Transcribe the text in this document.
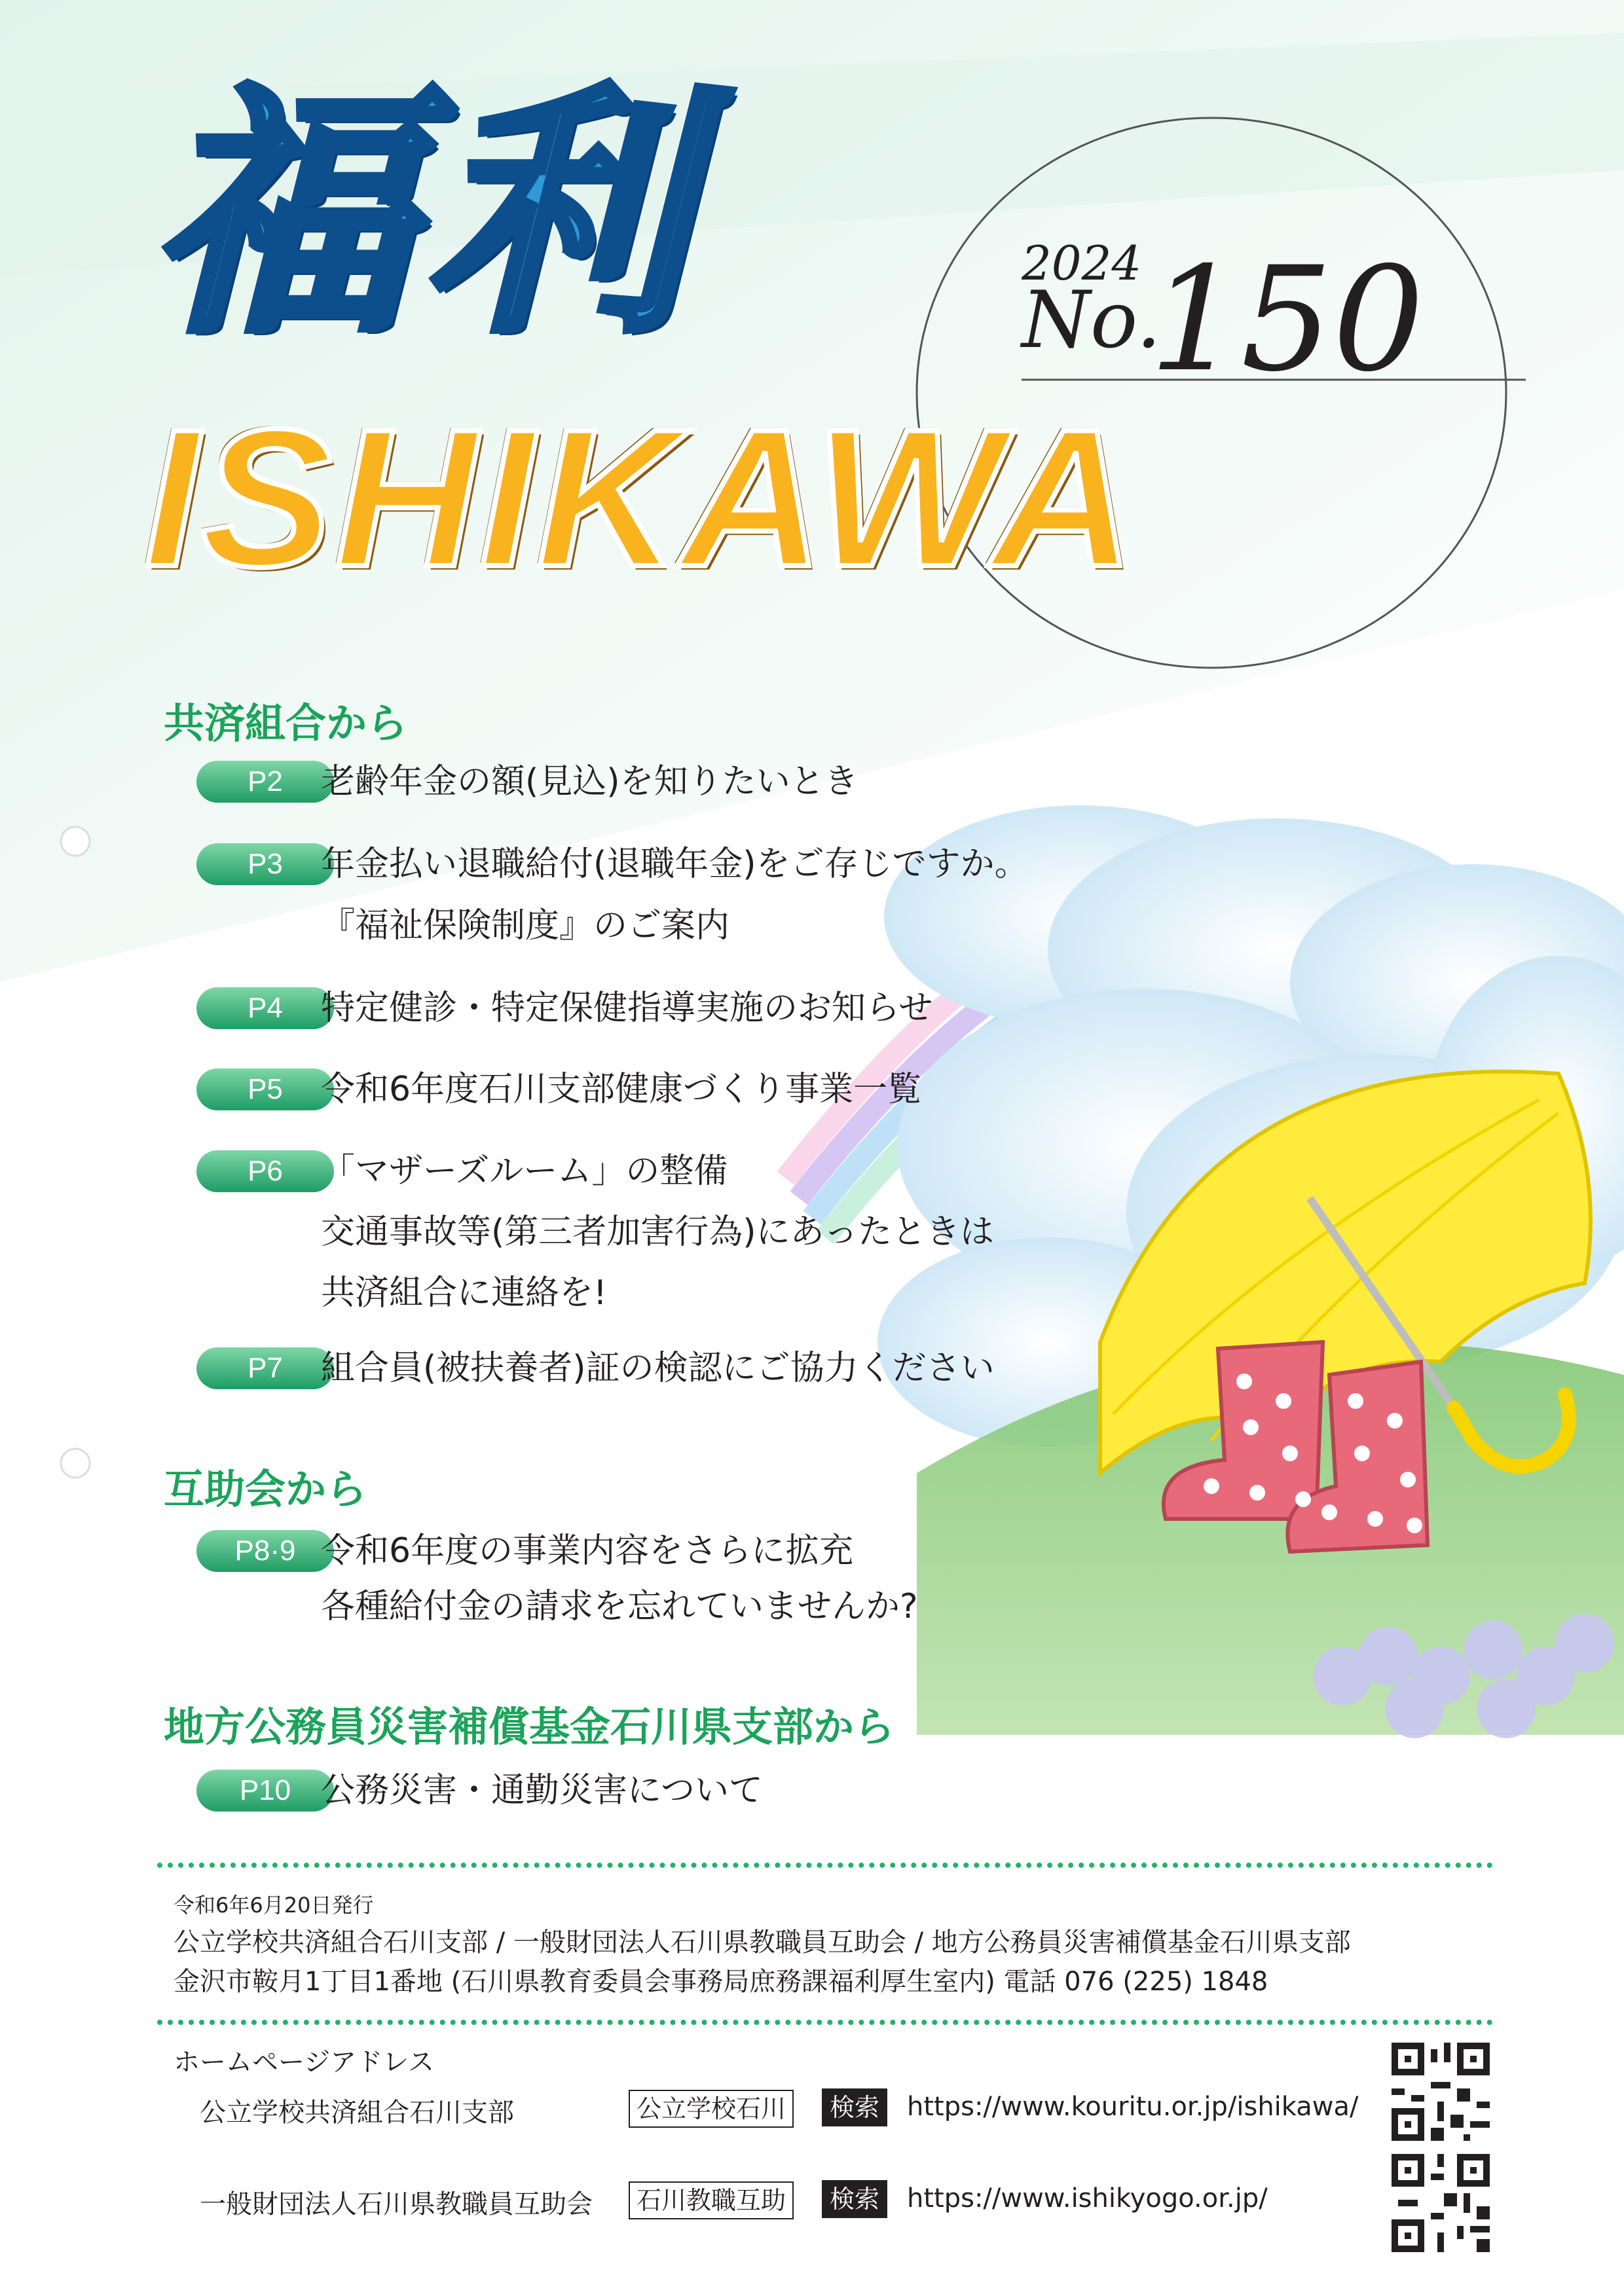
福利
ISHIKAWA
2024
No.
150
共済組合から
P2	老齢年金の額(見込)を知りたいとき
P3	年金払い退職給付(退職年金)をご存じですか。
『福祉保険制度』のご案内
P4	特定健診・特定保健指導実施のお知らせ
P5	令和6年度石川支部健康づくり事業一覧
P6	「マザーズルーム」の整備
交通事故等(第三者加害行為)にあったときは
共済組合に連絡を!
P7	組合員(被扶養者)証の検認にご協力ください
互助会から
P8·9 令和6年度の事業内容をさらに拡充
各種給付金の請求を忘れていませんか?
地方公務員災害補償基金石川県支部から
P10 公務災害・通勤災害について
令和6年6月20日発行
公立学校共済組合石川支部 / 一般財団法人石川県教職員互助会 / 地方公務員災害補償基金石川県支部
金沢市鞍月1丁目1番地 (石川県教育委員会事務局庶務課福利厚生室内) 電話 076 (225) 1848
ホームページアドレス
公立学校共済組合石川支部	公立学校石川	検索	https://www.kouritu.or.jp/ishikawa/
一般財団法人石川県教職員互助会	石川教職互助	検索	https://www.ishikyogo.or.jp/
